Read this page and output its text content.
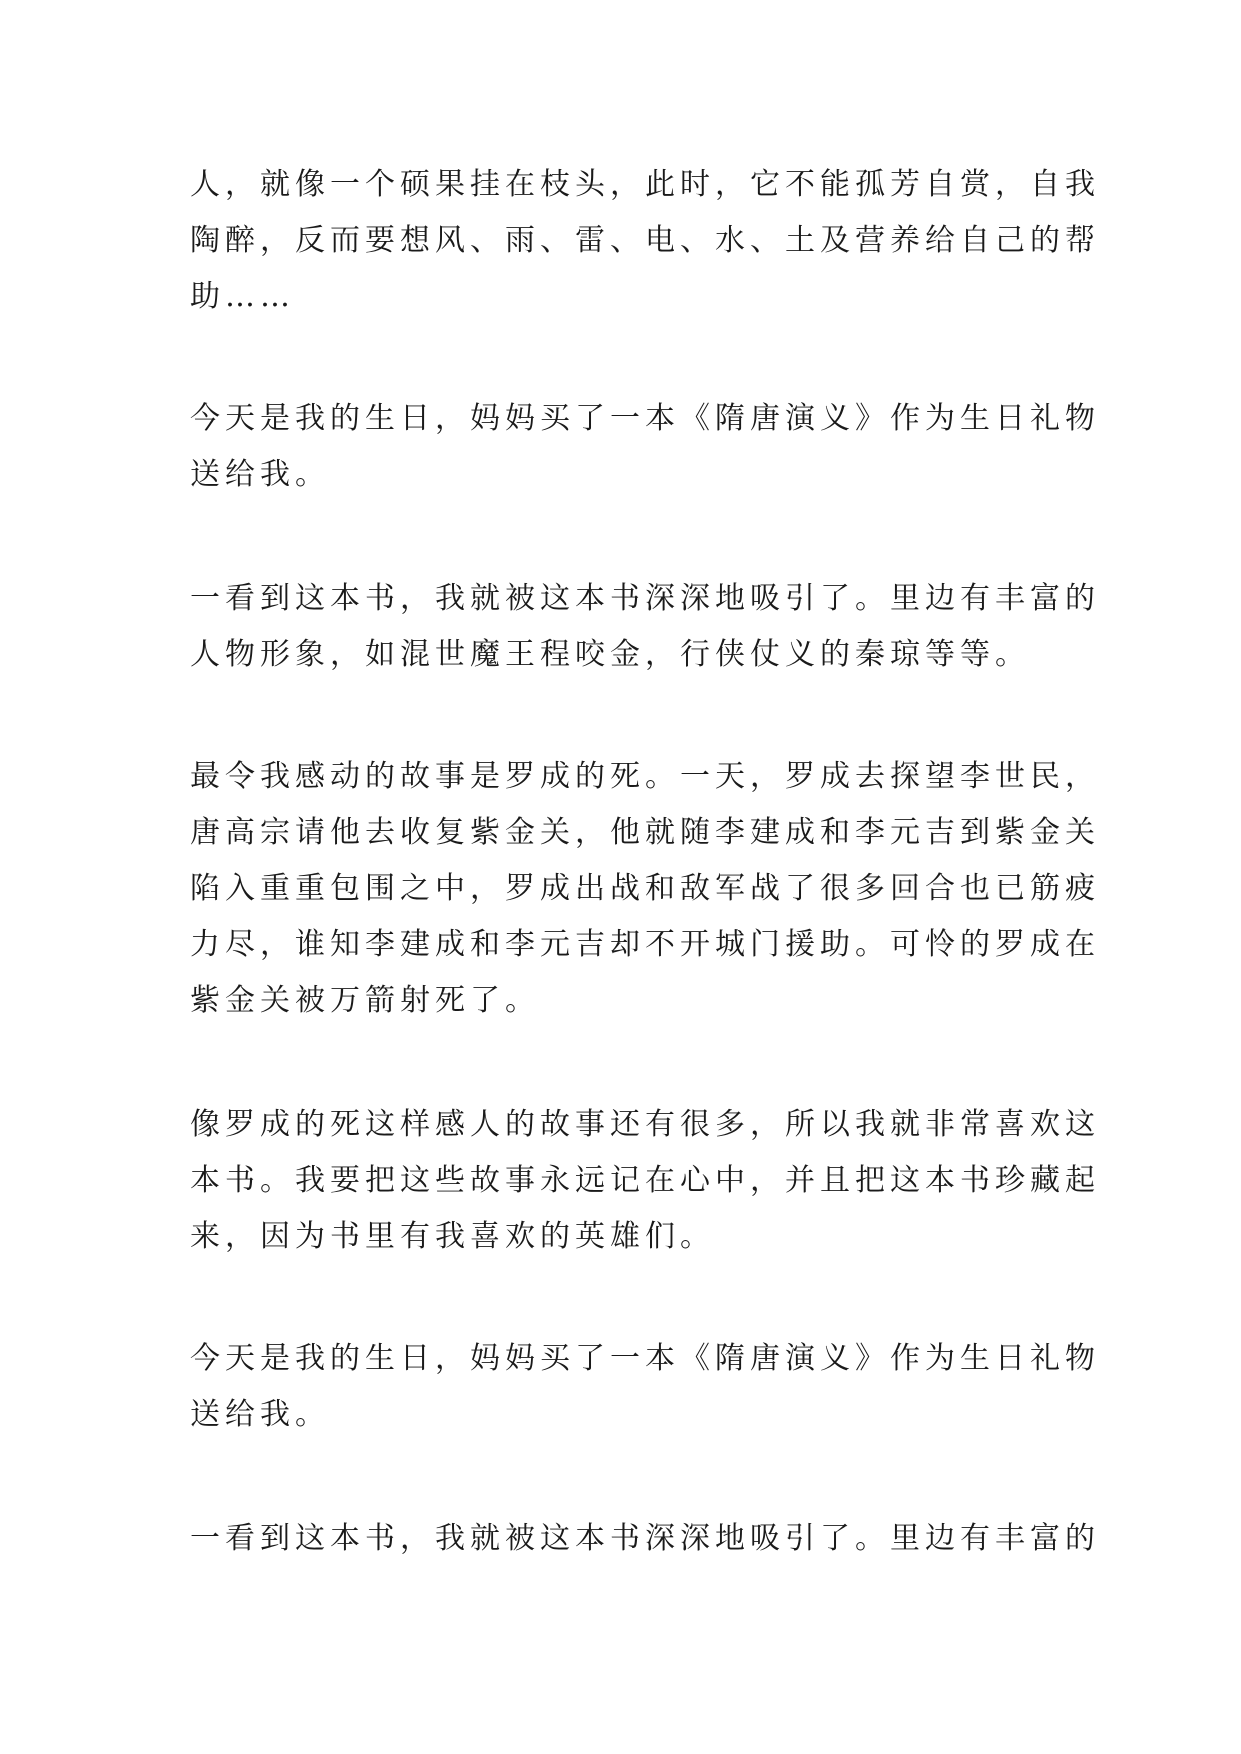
人，就像一个硕果挂在枝头，此时，它不能孤芳自赏，自我
陶醉，反而要想风、雨、雷、电、水、土及营养给自己的帮
助……
今天是我的生日，妈妈买了一本《隋唐演义》作为生日礼物
送给我。
一看到这本书，我就被这本书深深地吸引了。里边有丰富的
人物形象，如混世魔王程咬金，行侠仗义的秦琼等等。
最令我感动的故事是罗成的死。一天，罗成去探望李世民，
唐高宗请他去收复紫金关，他就随李建成和李元吉到紫金关
陷入重重包围之中，罗成出战和敌军战了很多回合也已筋疲
力尽，谁知李建成和李元吉却不开城门援助。可怜的罗成在
紫金关被万箭射死了。
像罗成的死这样感人的故事还有很多，所以我就非常喜欢这
本书。我要把这些故事永远记在心中，并且把这本书珍藏起
来，因为书里有我喜欢的英雄们。
今天是我的生日，妈妈买了一本《隋唐演义》作为生日礼物
送给我。
一看到这本书，我就被这本书深深地吸引了。里边有丰富的
